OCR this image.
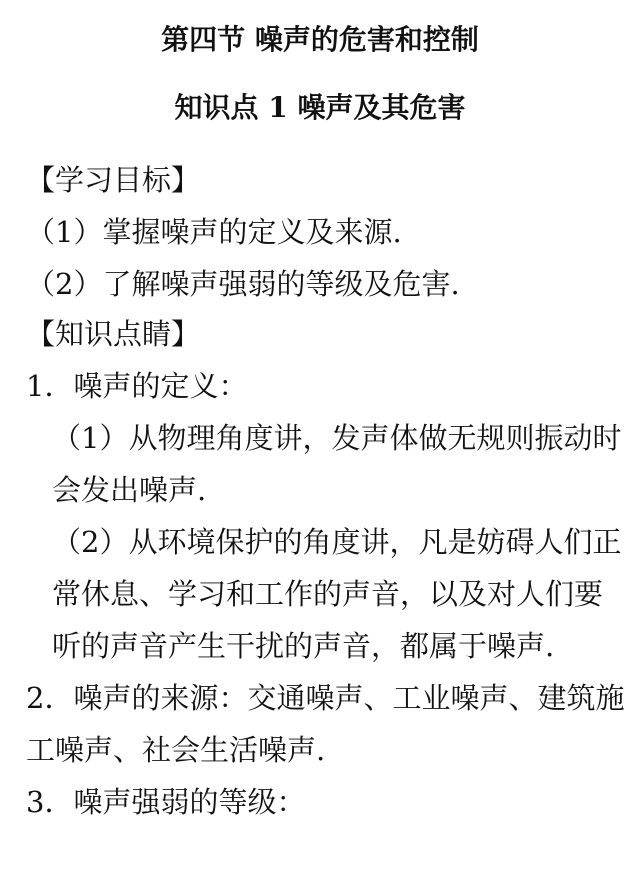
第四节 噪声的危害和控制
知识点 1 噪声及其危害
【学习目标】
（1）掌握噪声的定义及来源.
（2）了解噪声强弱的等级及危害.
【知识点睛】
1．噪声的定义：
（1）从物理角度讲，发声体做无规则振动时
会发出噪声.
（2）从环境保护的角度讲，凡是妨碍人们正
常休息、学习和工作的声音，以及对人们要
听的声音产生干扰的声音，都属于噪声.
2．噪声的来源：交通噪声、工业噪声、建筑施
工噪声、社会生活噪声.
3．噪声强弱的等级：
